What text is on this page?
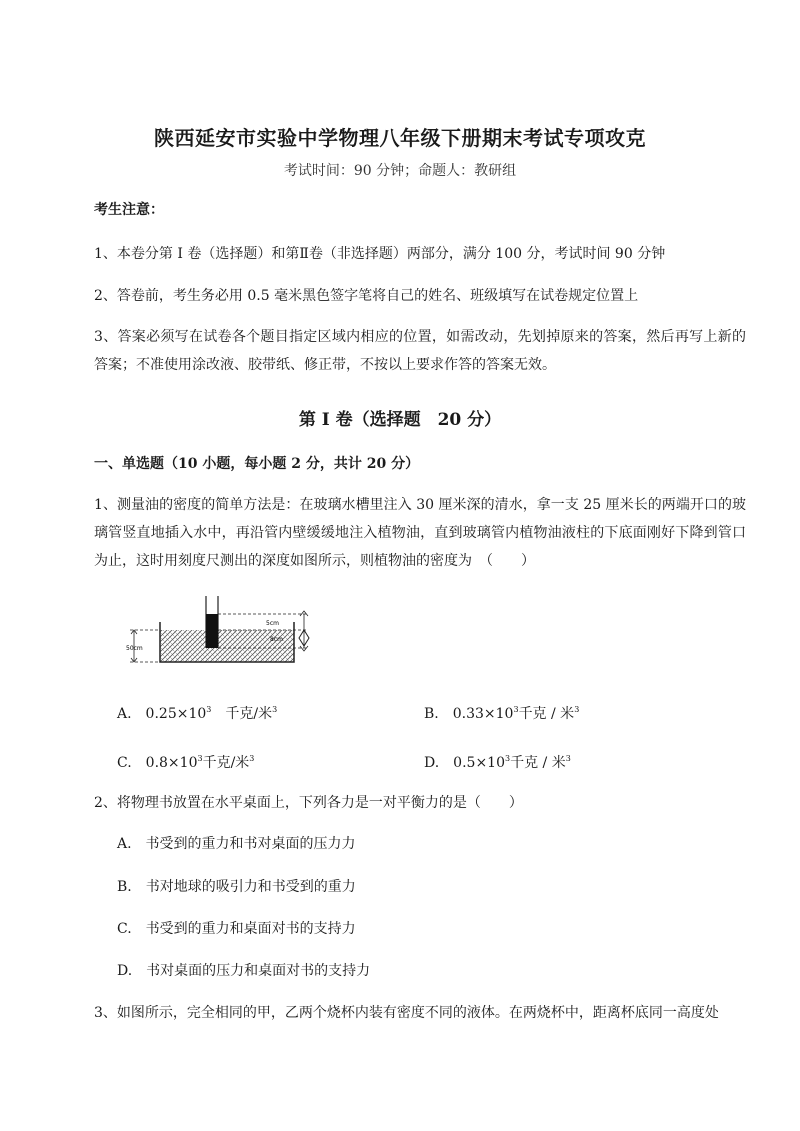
陕西延安市实验中学物理八年级下册期末考试专项攻克
考试时间：90 分钟；命题人：教研组
考生注意：
1、本卷分第 I 卷（选择题）和第Ⅱ卷（非选择题）两部分，满分 100 分，考试时间 90 分钟
2、答卷前，考生务必用 0.5 毫米黑色签字笔将自己的姓名、班级填写在试卷规定位置上
3、答案必须写在试卷各个题目指定区域内相应的位置，如需改动，先划掉原来的答案，然后再写上新的答案；不准使用涂改液、胶带纸、修正带，不按以上要求作答的答案无效。
第 I 卷（选择题　20 分）
一、单选题（10 小题，每小题 2 分，共计 20 分）
1、测量油的密度的简单方法是：在玻璃水槽里注入 30 厘米深的清水，拿一支 25 厘米长的两端开口的玻璃管竖直地插入水中，再沿管内壁缓缓地注入植物油，直到玻璃管内植物油液柱的下底面刚好下降到管口为止，这时用刻度尺测出的深度如图所示，则植物油的密度为　（　　）
50cm
5cm
8cm
A.　$0.25\times 10^3$　千克/米$^3$	B.　$0.33\times 10^3$千克 / 米$^3$
C.　$0.8\times 10^3$千克/米$^3$	D.　$0.5\times 10^3$千克 / 米$^3$
2、将物理书放置在水平桌面上，下列各力是一对平衡力的是（　　）
A.　书受到的重力和书对桌面的压力力
B.　书对地球的吸引力和书受到的重力
C.　书受到的重力和桌面对书的支持力
D.　书对桌面的压力和桌面对书的支持力
3、如图所示，完全相同的甲，乙两个烧杯内装有密度不同的液体。在两烧杯中，距离杯底同一高度处
